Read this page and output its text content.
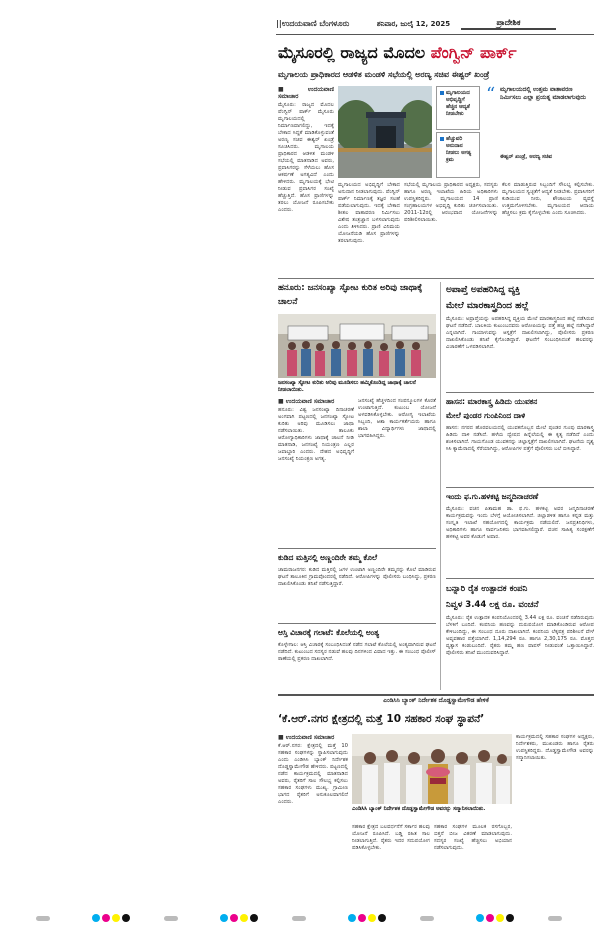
||ಉದಯವಾಣಿ ಬೆಂಗಳೂರು	ಶನಿವಾರ, ಜುಲೈ 12, 2025	ಪ್ರಾದೇಶಿಕ
ಮೈಸೂರಲ್ಲಿ ರಾಜ್ಯದ ಮೊದಲ ಪೆಂಗ್ವಿನ್ ಪಾರ್ಕ್
ಮೃಗಾಲಯ ಪ್ರಾಧಿಕಾರದ ಆಡಳಿತ ಮಂಡಳಿ ಸಭೆಯಲ್ಲಿ ಅರಣ್ಯ ಸಚಿವ ಈಶ್ವರ್ ಖಂಡ್ರೆ
■ ಉದಯವಾಣಿ ಸಮಾಚಾರ

ಮೈಸೂರು: ರಾಜ್ಯದ ಮೊದಲ ಪೆಂಗ್ವಿನ್ ಪಾರ್ಕ್ ಮೈಸೂರು ಮೃಗಾಲಯದಲ್ಲಿ ನಿರ್ಮಾಣವಾಗಲಿದ್ದು, ಇದಕ್ಕೆ ಬೇಕಾದ ಸಿದ್ಧತೆ ಮಾಡಿಕೊಳ್ಳುವಂತೆ ಅರಣ್ಯ ಸಚಿವ ಈಶ್ವರ್ ಖಂಡ್ರೆ ಸೂಚಿಸಿದರು. ಮೃಗಾಲಯ ಪ್ರಾಧಿಕಾರದ ಆಡಳಿತ ಮಂಡಳಿ ಸಭೆಯಲ್ಲಿ ಮಾತನಾಡಿದ ಅವರು, ಪ್ರವಾಸಿಗರನ್ನು ಸೆಳೆಯಲು ಹೊಸ ಆಕರ್ಷಣೆ ಅಗತ್ಯವಿದೆ ಎಂದು ಹೇಳಿದರು. ಮೃಗಾಲಯಕ್ಕೆ ಭೇಟಿ ನೀಡುವ ಪ್ರವಾಸಿಗರ ಸಂಖ್ಯೆ ಹೆಚ್ಚುತ್ತಿದೆ. ಹೊಸ ಪ್ರಾಣಿಗಳನ್ನು ತರಲು ಯೋಜನೆ ರೂಪಿಸಬೇಕು ಎಂದರು.

ಮೃಗಾಲಯದ ಅಭಿವೃದ್ಧಿಗೆ ಹೆಚ್ಚಿನ ಆದ್ಯತೆ ನೀಡಬೇಕು
ಹೆಚ್ಚುವರಿ ಅನುದಾನ ನೀಡಲು ಅಗತ್ಯ ಕ್ರಮ
“ ಮೃಗಾಲಯದಲ್ಲಿ ಉತ್ತಮ ವಾತಾವರಣ ನಿರ್ಮಿಸಲು ಎಲ್ಲಾ ಪ್ರಯತ್ನ ಮಾಡಲಾಗುವುದು
ಈಶ್ವರ್ ಖಂಡ್ರೆ, ಅರಣ್ಯ ಸಚಿವ

ಮೃಗಾಲಯದ ಅಭಿವೃದ್ಧಿಗೆ ಬೇಕಾದ ಅನುದಾನ ನೀಡಲಾಗುವುದು. ಪೆಂಗ್ವಿನ್ ಪಾರ್ಕ್ ನಿರ್ಮಾಣಕ್ಕೆ ತಜ್ಞರ ಸಲಹೆ ಪಡೆಯಲಾಗುವುದು. ಇದಕ್ಕೆ ಬೇಕಾದ ಶೀತಲ ವಾತಾವರಣ ನಿರ್ಮಿಸಲು ವಿಶೇಷ ತಂತ್ರಜ್ಞಾನ ಬಳಸಲಾಗುವುದು ಎಂದು ತಿಳಿಸಿದರು. ಪ್ರಾಣಿ ವಿನಿಮಯ ಯೋಜನೆಯಡಿ ಹೊಸ ಪ್ರಾಣಿಗಳನ್ನು ತರಲಾಗುವುದು.

ಸಭೆಯಲ್ಲಿ ಮೃಗಾಲಯ ಪ್ರಾಧಿಕಾರದ ಅಧ್ಯಕ್ಷರು, ಸದಸ್ಯರು ಹಾಗೂ ಅರಣ್ಯ ಇಲಾಖೆಯ ಹಿರಿಯ ಅಧಿಕಾರಿಗಳು ಉಪಸ್ಥಿತರಿದ್ದರು. ಮೃಗಾಲಯದ 14 ಪ್ರಾಣಿ ಸಂಗ್ರಹಾಲಯಗಳ ಅಭಿವೃದ್ಧಿ ಕುರಿತು ಚರ್ಚಿಸಲಾಯಿತು. 2011-12ರಲ್ಲಿ ಆರಂಭವಾದ ಯೋಜನೆಗಳನ್ನು ಪರಿಶೀಲಿಸಲಾಯಿತು.

ಕೆಲಸ ಮಾಡುತ್ತಿರುವ ಸಿಬ್ಬಂದಿಗೆ ಸೌಲಭ್ಯ ಕಲ್ಪಿಸಬೇಕು. ಮೃಗಾಲಯದ ಸ್ವಚ್ಛತೆಗೆ ಆದ್ಯತೆ ನೀಡಬೇಕು. ಪ್ರವಾಸಿಗರಿಗೆ ಕುಡಿಯುವ ನೀರು, ಶೌಚಾಲಯ ವ್ಯವಸ್ಥೆ ಉತ್ತಮಗೊಳಿಸಬೇಕು. ಮೃಗಾಲಯದ ಆದಾಯ ಹೆಚ್ಚಿಸಲು ಕ್ರಮ ಕೈಗೊಳ್ಳಬೇಕು ಎಂದು ಸೂಚಿಸಿದರು.

ಹನೂರು: ಜನಸಂಖ್ಯಾ ಸ್ಫೋಟ ಕುರಿತ ಅರಿವು ಜಾಥಾಕ್ಕೆ ಚಾಲನೆ
ಜನಸಂಖ್ಯಾ ಸ್ಫೋಟ ಕುರಿತು ಅರಿವು ಮೂಡಿಸಲು ಹಮ್ಮಿಕೊಂಡಿದ್ದ ಜಾಥಾಕ್ಕೆ ಚಾಲನೆ ನೀಡಲಾಯಿತು.
■ ಉದಯವಾಣಿ ಸಮಾಚಾರ

ಹನೂರು: ವಿಶ್ವ ಜನಸಂಖ್ಯಾ ದಿನಾಚರಣೆ ಅಂಗವಾಗಿ ಪಟ್ಟಣದಲ್ಲಿ ಜನಸಂಖ್ಯಾ ಸ್ಫೋಟ ಕುರಿತು ಅರಿವು ಮೂಡಿಸಲು ಜಾಥಾ ನಡೆಸಲಾಯಿತು. ತಾಲೂಕು ಆರೋಗ್ಯಾಧಿಕಾರಿಗಳು ಜಾಥಾಕ್ಕೆ ಚಾಲನೆ ನೀಡಿ ಮಾತನಾಡಿ, ಜನಸಂಖ್ಯೆ ನಿಯಂತ್ರಣ ಎಲ್ಲರ ಜವಾಬ್ದಾರಿ ಎಂದರು. ದೇಶದ ಅಭಿವೃದ್ಧಿಗೆ ಜನಸಂಖ್ಯೆ ನಿಯಂತ್ರಣ ಅಗತ್ಯ.

ಜನಸಂಖ್ಯೆ ಹೆಚ್ಚಳದಿಂದ ಸಂಪನ್ಮೂಲಗಳ ಕೊರತೆ ಉಂಟಾಗುತ್ತಿದೆ. ಕುಟುಂಬ ಯೋಜನೆ ಅಳವಡಿಸಿಕೊಳ್ಳಬೇಕು. ಆರೋಗ್ಯ ಇಲಾಖೆಯ ಸಿಬ್ಬಂದಿ, ಆಶಾ ಕಾರ್ಯಕರ್ತೆಯರು ಹಾಗೂ ಶಾಲಾ ವಿದ್ಯಾರ್ಥಿಗಳು ಜಾಥಾದಲ್ಲಿ ಭಾಗವಹಿಸಿದ್ದರು.

ಕುಡಿದ ಮತ್ತಿನಲ್ಲಿ ಅಣ್ಣಂದಿರೇ ತಮ್ಮ ಕೊಲೆ

ಚಾಮರಾಜನಗರ: ಕುಡಿದ ಮತ್ತಿನಲ್ಲಿ ಜಗಳ ಉಂಟಾಗಿ ಅಣ್ಣಂದಿರೇ ತಮ್ಮನನ್ನು ಕೊಲೆ ಮಾಡಿರುವ ಘಟನೆ ತಾಲೂಕಿನ ಗ್ರಾಮವೊಂದರಲ್ಲಿ ನಡೆದಿದೆ. ಆರೋಪಿಗಳನ್ನು ಪೊಲೀಸರು ಬಂಧಿಸಿದ್ದು, ಪ್ರಕರಣ ದಾಖಲಿಸಿಕೊಂಡು ತನಿಖೆ ನಡೆಸುತ್ತಿದ್ದಾರೆ.

ಆಸ್ತಿ ವಿಚಾರಕ್ಕೆ ಗಲಾಟೆ: ಕೊಲೆಯಲ್ಲಿ ಅಂತ್ಯ

ಕೊಳ್ಳೇಗಾಲ: ಆಸ್ತಿ ವಿಚಾರಕ್ಕೆ ಸಂಬಂಧಿಸಿದಂತೆ ನಡೆದ ಗಲಾಟೆ ಕೊಲೆಯಲ್ಲಿ ಅಂತ್ಯವಾಗಿರುವ ಘಟನೆ ನಡೆದಿದೆ. ಕುಟುಂಬದ ಸದಸ್ಯರ ನಡುವೆ ಹಲವು ದಿನಗಳಿಂದ ವಿವಾದ ಇತ್ತು. ಈ ಸಂಬಂಧ ಪೊಲೀಸ್ ಠಾಣೆಯಲ್ಲಿ ಪ್ರಕರಣ ದಾಖಲಾಗಿದೆ.

ಅಪಾಪ್ತೆ ಅಪಹರಿಸಿದ್ದ ವ್ಯಕ್ತಿ
ಮೇಲೆ ಮಾರಕಾಸ್ತ್ರದಿಂದ ಹಲ್ಲೆ

ಮೈಸೂರು: ಅಪ್ರಾಪ್ತೆಯನ್ನು ಅಪಹರಿಸಿದ್ದ ವ್ಯಕ್ತಿಯ ಮೇಲೆ ಮಾರಕಾಸ್ತ್ರದಿಂದ ಹಲ್ಲೆ ನಡೆಸಿರುವ ಘಟನೆ ನಡೆದಿದೆ. ಬಾಲಕಿಯ ಕುಟುಂಬದವರು ಆರೋಪಿಯನ್ನು ಪತ್ತೆ ಹಚ್ಚಿ ಹಲ್ಲೆ ನಡೆಸಿದ್ದಾರೆ ಎನ್ನಲಾಗಿದೆ. ಗಾಯಾಳುವನ್ನು ಆಸ್ಪತ್ರೆಗೆ ದಾಖಲಿಸಲಾಗಿದ್ದು, ಪೊಲೀಸರು ಪ್ರಕರಣ ದಾಖಲಿಸಿಕೊಂಡು ತನಿಖೆ ಕೈಗೊಂಡಿದ್ದಾರೆ. ಘಟನೆಗೆ ಸಂಬಂಧಿಸಿದಂತೆ ಹಲವರನ್ನು ವಿಚಾರಣೆಗೆ ಒಳಪಡಿಸಲಾಗಿದೆ.

ಹಾಸನ: ಮಾರಕಾಸ್ತ್ರ ಹಿಡಿದು ಯುವಕನ
ಮೇಲೆ ಪುಂಡರ ಗುಂಪಿನಿಂದ ದಾಳಿ

ಹಾಸನ: ನಗರದ ಹೊರವಲಯದಲ್ಲಿ ಯುವಕನೊಬ್ಬನ ಮೇಲೆ ಪುಂಡರ ಗುಂಪು ಮಾರಕಾಸ್ತ್ರ ಹಿಡಿದು ದಾಳಿ ನಡೆಸಿದೆ. ಹಳೆಯ ದ್ವೇಷದ ಹಿನ್ನೆಲೆಯಲ್ಲಿ ಈ ಕೃತ್ಯ ನಡೆದಿದೆ ಎಂದು ಶಂಕಿಸಲಾಗಿದೆ. ಗಾಯಗೊಂಡ ಯುವಕನನ್ನು ಜಿಲ್ಲಾಸ್ಪತ್ರೆಗೆ ದಾಖಲಿಸಲಾಗಿದೆ. ಘಟನೆಯ ದೃಶ್ಯ ಸಿಸಿ ಕ್ಯಾಮೆರಾದಲ್ಲಿ ಸೆರೆಯಾಗಿದ್ದು, ಆರೋಪಿಗಳ ಪತ್ತೆಗೆ ಪೊಲೀಸರು ಬಲೆ ಬೀಸಿದ್ದಾರೆ.

ಇಂದು ಫ.ಗು.ಹಳಕಟ್ಟಿ ಜನ್ಮದಿನಾಚರಣೆ

ಮೈಸೂರು: ವಚನ ಪಿತಾಮಹ ಡಾ. ಫ.ಗು. ಹಳಕಟ್ಟಿ ಅವರ ಜನ್ಮದಿನಾಚರಣೆ ಕಾರ್ಯಕ್ರಮವನ್ನು ಇಂದು ಬೆಳಗ್ಗೆ ಆಯೋಜಿಸಲಾಗಿದೆ. ಜಿಲ್ಲಾಡಳಿತ ಹಾಗೂ ಕನ್ನಡ ಮತ್ತು ಸಂಸ್ಕೃತಿ ಇಲಾಖೆ ಸಹಯೋಗದಲ್ಲಿ ಕಾರ್ಯಕ್ರಮ ನಡೆಯಲಿದೆ. ಜನಪ್ರತಿನಿಧಿಗಳು, ಅಧಿಕಾರಿಗಳು ಹಾಗೂ ಸಾರ್ವಜನಿಕರು ಭಾಗವಹಿಸಲಿದ್ದಾರೆ. ವಚನ ಸಾಹಿತ್ಯ ಸಂರಕ್ಷಣೆಗೆ ಹಳಕಟ್ಟಿ ಅವರ ಕೊಡುಗೆ ಅಪಾರ.

ಬನ್ನಾರಿ ರೈತ ಉತ್ಪಾದಕ ಕಂಪನಿ
ನಿವ್ವಳ 3.44 ಲಕ್ಷ ರೂ. ವಂಚನೆ

ಮೈಸೂರು: ರೈತ ಉತ್ಪಾದಕ ಕಂಪನಿಯೊಂದರಲ್ಲಿ 3.44 ಲಕ್ಷ ರೂ. ವಂಚನೆ ನಡೆದಿರುವುದು ಬೆಳಕಿಗೆ ಬಂದಿದೆ. ಕಂಪನಿಯ ಹಣವನ್ನು ದುರುಪಯೋಗ ಮಾಡಿಕೊಂಡಿರುವ ಆರೋಪ ಕೇಳಿಬಂದಿದ್ದು, ಈ ಸಂಬಂಧ ದೂರು ದಾಖಲಾಗಿದೆ. ಕಂಪನಿಯ ಲೆಕ್ಕಪತ್ರ ಪರಿಶೀಲನೆ ವೇಳೆ ಅವ್ಯವಹಾರ ಪತ್ತೆಯಾಗಿದೆ. 1,14,294 ರೂ. ಹಾಗೂ 2,30,175 ರೂ. ಮೊತ್ತದ ವ್ಯತ್ಯಾಸ ಕಂಡುಬಂದಿದೆ. ರೈತರು ತಮ್ಮ ಹಣ ವಾಪಸ್ ನೀಡುವಂತೆ ಒತ್ತಾಯಿಸಿದ್ದಾರೆ. ಪೊಲೀಸರು ತನಿಖೆ ಮುಂದುವರಿಸಿದ್ದಾರೆ.

ಎಂಡಿಸಿಸಿ ಬ್ಯಾಂಕ್ ನಿರ್ದೇಶಕ ದೊಡ್ಡಸ್ವಾಮೇಗೌಡ ಹೇಳಿಕೆ
‘ಕೆ.ಆರ್.ನಗರ ಕ್ಷೇತ್ರದಲ್ಲಿ ಮತ್ತೆ 10 ಸಹಕಾರ ಸಂಘ ಸ್ಥಾಪನೆ’
■ ಉದಯವಾಣಿ ಸಮಾಚಾರ

ಕೆ.ಆರ್.ನಗರ: ಕ್ಷೇತ್ರದಲ್ಲಿ ಮತ್ತೆ 10 ಸಹಕಾರ ಸಂಘಗಳನ್ನು ಸ್ಥಾಪಿಸಲಾಗುವುದು ಎಂದು ಎಂಡಿಸಿಸಿ ಬ್ಯಾಂಕ್ ನಿರ್ದೇಶಕ ದೊಡ್ಡಸ್ವಾಮೇಗೌಡ ಹೇಳಿದರು. ಪಟ್ಟಣದಲ್ಲಿ ನಡೆದ ಕಾರ್ಯಕ್ರಮದಲ್ಲಿ ಮಾತನಾಡಿದ ಅವರು, ರೈತರಿಗೆ ಸಾಲ ಸೌಲಭ್ಯ ಕಲ್ಪಿಸಲು ಸಹಕಾರ ಸಂಘಗಳು ಮುಖ್ಯ. ಗ್ರಾಮೀಣ ಭಾಗದ ರೈತರಿಗೆ ಅನುಕೂಲವಾಗಲಿದೆ ಎಂದರು.

ಎಂಡಿಸಿಸಿ ಬ್ಯಾಂಕ್ ನಿರ್ದೇಶಕ ದೊಡ್ಡಸ್ವಾಮೇಗೌಡ ಅವರನ್ನು ಸನ್ಮಾನಿಸಲಾಯಿತು.

ಸಹಕಾರ ಕ್ಷೇತ್ರದ ಬಲವರ್ಧನೆಗೆ ಸರ್ಕಾರ ಹಲವು ಯೋಜನೆ ರೂಪಿಸಿದೆ. ಬಡ್ಡಿ ರಹಿತ ಸಾಲ ನೀಡಲಾಗುತ್ತಿದೆ. ರೈತರು ಇದರ ಸದುಪಯೋಗ ಪಡಿಸಿಕೊಳ್ಳಬೇಕು.

ಸಹಕಾರ ಸಂಘಗಳ ಮೂಲಕ ರಸಗೊಬ್ಬರ, ಬಿತ್ತನೆ ಬೀಜ ವಿತರಣೆ ಮಾಡಲಾಗುವುದು. ಸದಸ್ಯರ ಸಂಖ್ಯೆ ಹೆಚ್ಚಿಸಲು ಅಭಿಯಾನ ನಡೆಸಲಾಗುವುದು.

ಕಾರ್ಯಕ್ರಮದಲ್ಲಿ ಸಹಕಾರ ಸಂಘಗಳ ಅಧ್ಯಕ್ಷರು, ನಿರ್ದೇಶಕರು, ಮುಖಂಡರು ಹಾಗೂ ರೈತರು ಉಪಸ್ಥಿತರಿದ್ದರು. ದೊಡ್ಡಸ್ವಾಮೇಗೌಡ ಅವರನ್ನು ಸನ್ಮಾನಿಸಲಾಯಿತು.
